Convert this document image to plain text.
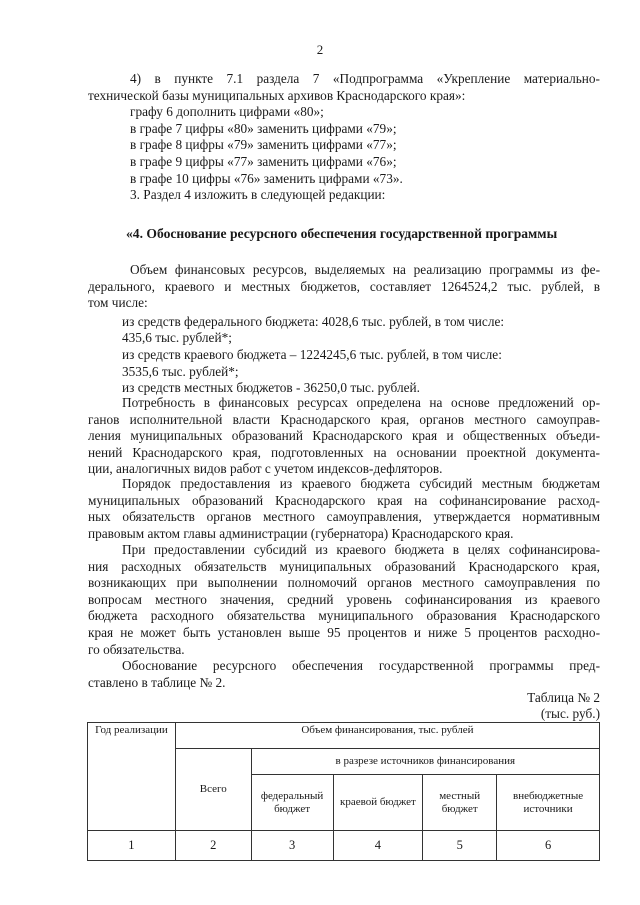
2

4) в пункте 7.1 раздела 7 «Подпрограмма «Укрепление материально-

технической базы муниципальных архивов Краснодарского края»:

графу 6 дополнить цифрами «80»;

в графе 7 цифры «80» заменить цифрами «79»;

в графе 8 цифры «79» заменить цифрами «77»;

в графе 9 цифры «77» заменить цифрами «76»;

в графе 10 цифры «76» заменить цифрами «73».

3. Раздел 4 изложить в следующей редакции:

«4. Обоснование ресурсного обеспечения государственной программы

Объем финансовых ресурсов, выделяемых на реализацию программы из фе-

дерального, краевого и местных бюджетов, составляет 1264524,2 тыс. рублей, в

том числе:

из средств федерального бюджета: 4028,6 тыс. рублей, в том числе:

435,6 тыс. рублей*;

из средств краевого бюджета – 1224245,6 тыс. рублей, в том числе:

3535,6 тыс. рублей*;

из средств местных бюджетов - 36250,0 тыс. рублей.

Потребность в финансовых ресурсах определена на основе предложений ор-

ганов исполнительной власти Краснодарского края, органов местного самоуправ-

ления муниципальных образований Краснодарского края и общественных объеди-

нений Краснодарского края, подготовленных на основании проектной документа-

ции, аналогичных видов работ с учетом индексов-дефляторов.

Порядок предоставления из краевого бюджета субсидий местным бюджетам

муниципальных образований Краснодарского края на софинансирование расход-

ных обязательств органов местного самоуправления, утверждается нормативным

правовым актом главы администрации (губернатора) Краснодарского края.

При предоставлении субсидий из краевого бюджета в целях софинансирова-

ния расходных обязательств муниципальных образований Краснодарского края,

возникающих при выполнении полномочий органов местного самоуправления по

вопросам местного значения, средний уровень софинансирования из краевого

бюджета расходного обязательства муниципального образования Краснодарского

края не может быть установлен выше 95 процентов и ниже 5 процентов расходно-

го обязательства.

Обоснование ресурсного обеспечения государственной программы пред-

ставлено в таблице № 2.

Таблица № 2
(тыс. руб.)
Год реализации	Объем финансирования, тыс. рублей				
	Всего	в разрезе источников финансирования			
		федеральный бюджет	краевой бюджет	местный бюджет	внебюджетные источники
1	2	3	4	5	6
